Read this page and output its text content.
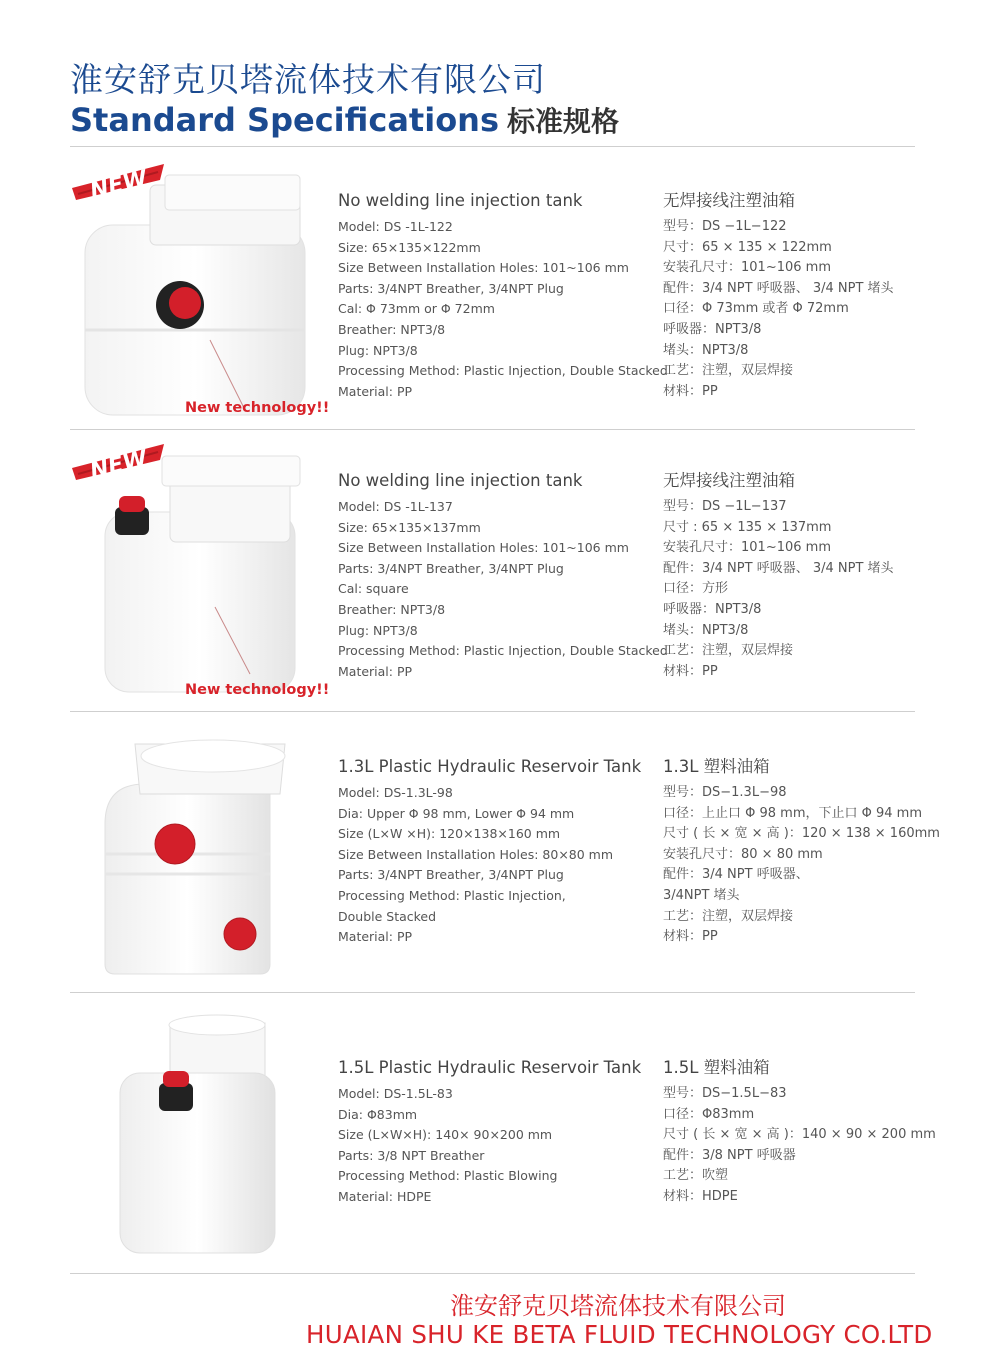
淮安舒克贝塔流体技术有限公司
Standard Specifications 标准规格
NEW
New technology!!
No welding line injection tank
Model: DS -1L-122
Size: 65×135×122mm
Size Between Installation Holes: 101~106 mm
Parts: 3/4NPT Breather, 3/4NPT Plug
Cal: Φ 73mm or Φ 72mm
Breather: NPT3/8
Plug: NPT3/8
Processing Method: Plastic Injection, Double Stacked
Material: PP
无焊接线注塑油箱
型号：DS −1L−122
尺寸：65 × 135 × 122mm
安装孔尺寸：101~106 mm
配件：3/4 NPT 呼吸器、 3/4 NPT 堵头
口径：Φ 73mm 或者 Φ 72mm
呼吸器：NPT3/8
堵头：NPT3/8
工艺：注塑，双层焊接
材料：PP
NEW
New technology!!
No welding line injection tank
Model: DS -1L-137
Size: 65×135×137mm
Size Between Installation Holes: 101~106 mm
Parts: 3/4NPT Breather, 3/4NPT Plug
Cal: square
Breather: NPT3/8
Plug: NPT3/8
Processing Method: Plastic Injection, Double Stacked
Material: PP
无焊接线注塑油箱
型号：DS −1L−137
尺寸 : 65 × 135 × 137mm
安装孔尺寸：101~106 mm
配件：3/4 NPT 呼吸器、 3/4 NPT 堵头
口径：方形
呼吸器：NPT3/8
堵头：NPT3/8
工艺：注塑，双层焊接
材料：PP
1.3L Plastic Hydraulic Reservoir Tank
Model: DS-1.3L-98
Dia: Upper Φ 98 mm, Lower Φ 94 mm
Size (L×W ×H): 120×138×160 mm
Size Between Installation Holes: 80×80 mm
Parts: 3/4NPT Breather, 3/4NPT Plug
Processing Method: Plastic Injection,
Double Stacked
Material: PP
1.3L 塑料油箱
型号：DS−1.3L−98
口径：上止口 Φ 98 mm，下止口 Φ 94 mm
尺寸 ( 长 × 宽 × 高 )：120 × 138 × 160mm
安装孔尺寸：80 × 80 mm
配件：3/4 NPT 呼吸器、
3/4NPT 堵头
工艺：注塑，双层焊接
材料：PP
1.5L Plastic Hydraulic Reservoir Tank
Model: DS-1.5L-83
Dia: Φ83mm
Size (L×W×H): 140× 90×200 mm
Parts: 3/8 NPT Breather
Processing Method: Plastic Blowing
Material: HDPE
1.5L 塑料油箱
型号：DS−1.5L−83
口径：Φ83mm
尺寸 ( 长 × 宽 × 高 )：140 × 90 × 200 mm
配件：3/8 NPT 呼吸器
工艺：吹塑
材料：HDPE
淮安舒克贝塔流体技术有限公司
HUAIAN SHU KE BETA FLUID TECHNOLOGY CO.LTD
